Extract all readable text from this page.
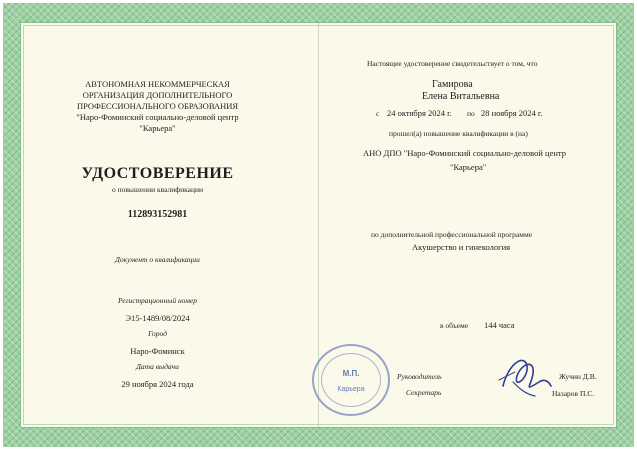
АВТОНОМНАЯ НЕКОММЕРЧЕСКАЯ
ОРГАНИЗАЦИЯ ДОПОЛНИТЕЛЬНОГО
ПРОФЕССИОНАЛЬНОГО ОБРАЗОВАНИЯ
"Наро-Фоминский социально-деловой центр
"Карьера"
УДОСТОВЕРЕНИЕ
о повышении квалификации
112893152981
Документ о квалификации
Регистрационный номер
Э15-1489/08/2024
Город
Наро-Фоминск
Дата выдачи
29 ноября 2024 года
Настоящее удостоверение свидетельствует о том, что
Гамирова
Елена Витальевна
с 24 октября 2024 г. по 28 ноября 2024 г.
прошел(а) повышение квалификации в (на)
АНО ДПО "Наро-Фоминский социально-деловой центр
"Карьера"
по дополнительной профессиональной программе
Акушерство и гинекология
в объеме 144 часа
Руководитель	Жучин Д.В.
Секретарь	Назаров П.С.
М.П.
Карьера
